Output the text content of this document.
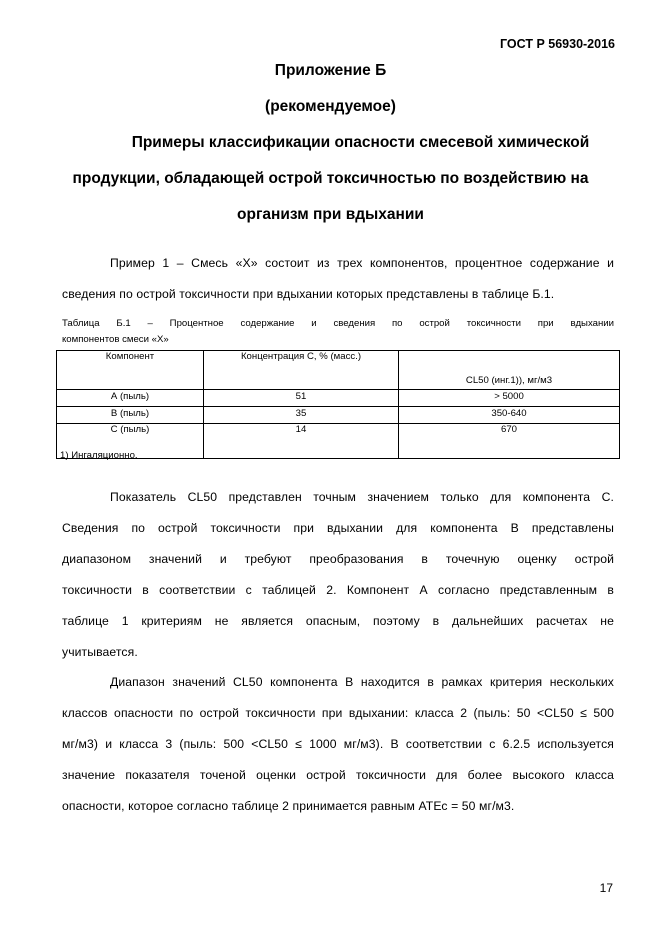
ГОСТ Р 56930-2016
Приложение Б
(рекомендуемое)
Примеры классификации опасности смесевой химической
продукции, обладающей острой токсичностью по воздействию на
организм при вдыхании
Пример 1 – Смесь «X» состоит из трех компонентов, процентное содержание и
сведения по острой токсичности при вдыхании которых представлены в таблице Б.1.
Таблица Б.1 – Процентное содержание и сведения по острой токсичности при вдыхании
компонентов смеси «X»
Компонент	Концентрация С, % (масс.)	CL50 (инг.1)), мг/м3
А (пыль)	51	> 5000
В (пыль)	35	350-640
С (пыль)	14	670
1) Ингаляционно.
Показатель CL50 представлен точным значением только для компонента С.
Сведения по острой токсичности при вдыхании для компонента В представлены
диапазоном значений и требуют преобразования в точечную оценку острой
токсичности в соответствии с таблицей 2. Компонент А согласно представленным в
таблице 1 критериям не является опасным, поэтому в дальнейших расчетах не
учитывается.
Диапазон значений CL50 компонента В находится в рамках критерия нескольких
классов опасности по острой токсичности при вдыхании: класса 2 (пыль: 50 <CL50 ≤ 500
мг/м3) и класса 3 (пыль: 500 <CL50 ≤ 1000 мг/м3). В соответствии с 6.2.5 используется
значение показателя точеной оценки острой токсичности для более высокого класса
опасности, которое согласно таблице 2 принимается равным АТЕс = 50 мг/м3.
17
